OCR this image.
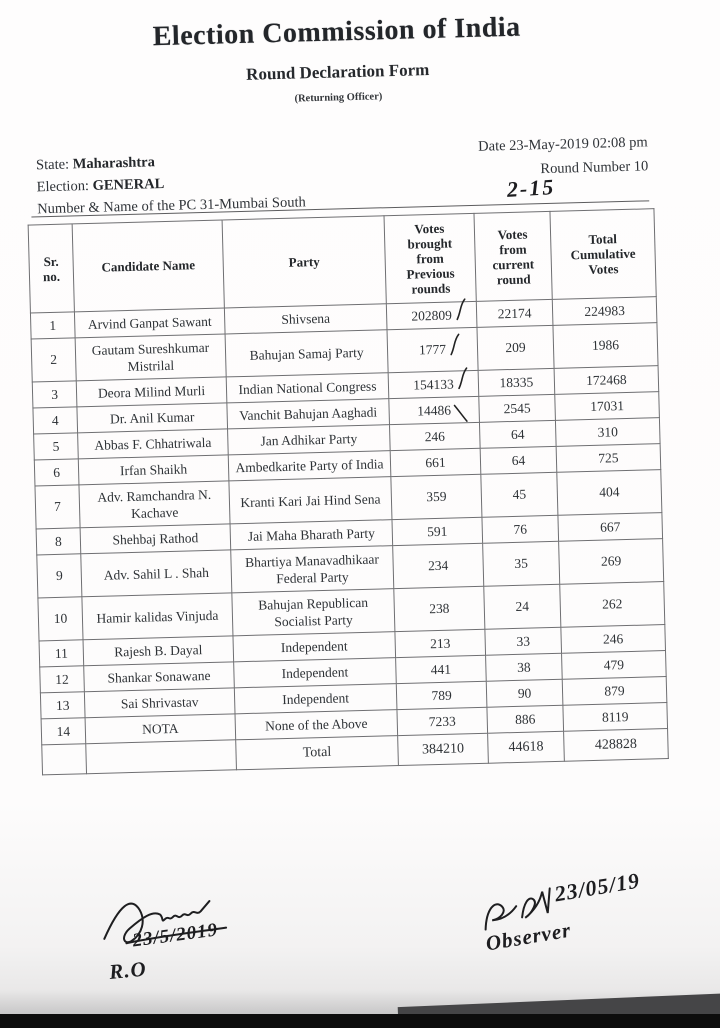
Election Commission of India
Round Declaration Form
(Returning Officer)
State: Maharashtra
Election: GENERAL
Number & Name of the PC 31-Mumbai South
Date 23-May-2019 02:08 pm
Round Number 10
2-15
Sr.
no.	Candidate Name	Party	Votes
brought
from
Previous
rounds	Votes
from
current
round	Total
Cumulative
Votes
1	Arvind Ganpat Sawant	Shivsena	202809	22174	224983
2	Gautam Sureshkumar Mistrilal	Bahujan Samaj Party	1777	209	1986
3	Deora Milind Murli	Indian National Congress	154133	18335	172468
4	Dr. Anil Kumar	Vanchit Bahujan Aaghadi	14486	2545	17031
5	Abbas F. Chhatriwala	Jan Adhikar Party	246	64	310
6	Irfan Shaikh	Ambedkarite Party of India	661	64	725
7	Adv. Ramchandra N. Kachave	Kranti Kari Jai Hind Sena	359	45	404
8	Shehbaj Rathod	Jai Maha Bharath Party	591	76	667
9	Adv. Sahil L . Shah	Bhartiya Manavadhikaar Federal Party	234	35	269
10	Hamir kalidas Vinjuda	Bahujan Republican Socialist Party	238	24	262
11	Rajesh B. Dayal	Independent	213	33	246
12	Shankar Sonawane	Independent	441	38	479
13	Sai Shrivastav	Independent	789	90	879
14	NOTA	None of the Above	7233	886	8119
		Total	384210	44618	428828
23/5/2019
R.O
23/05/19
Observer
